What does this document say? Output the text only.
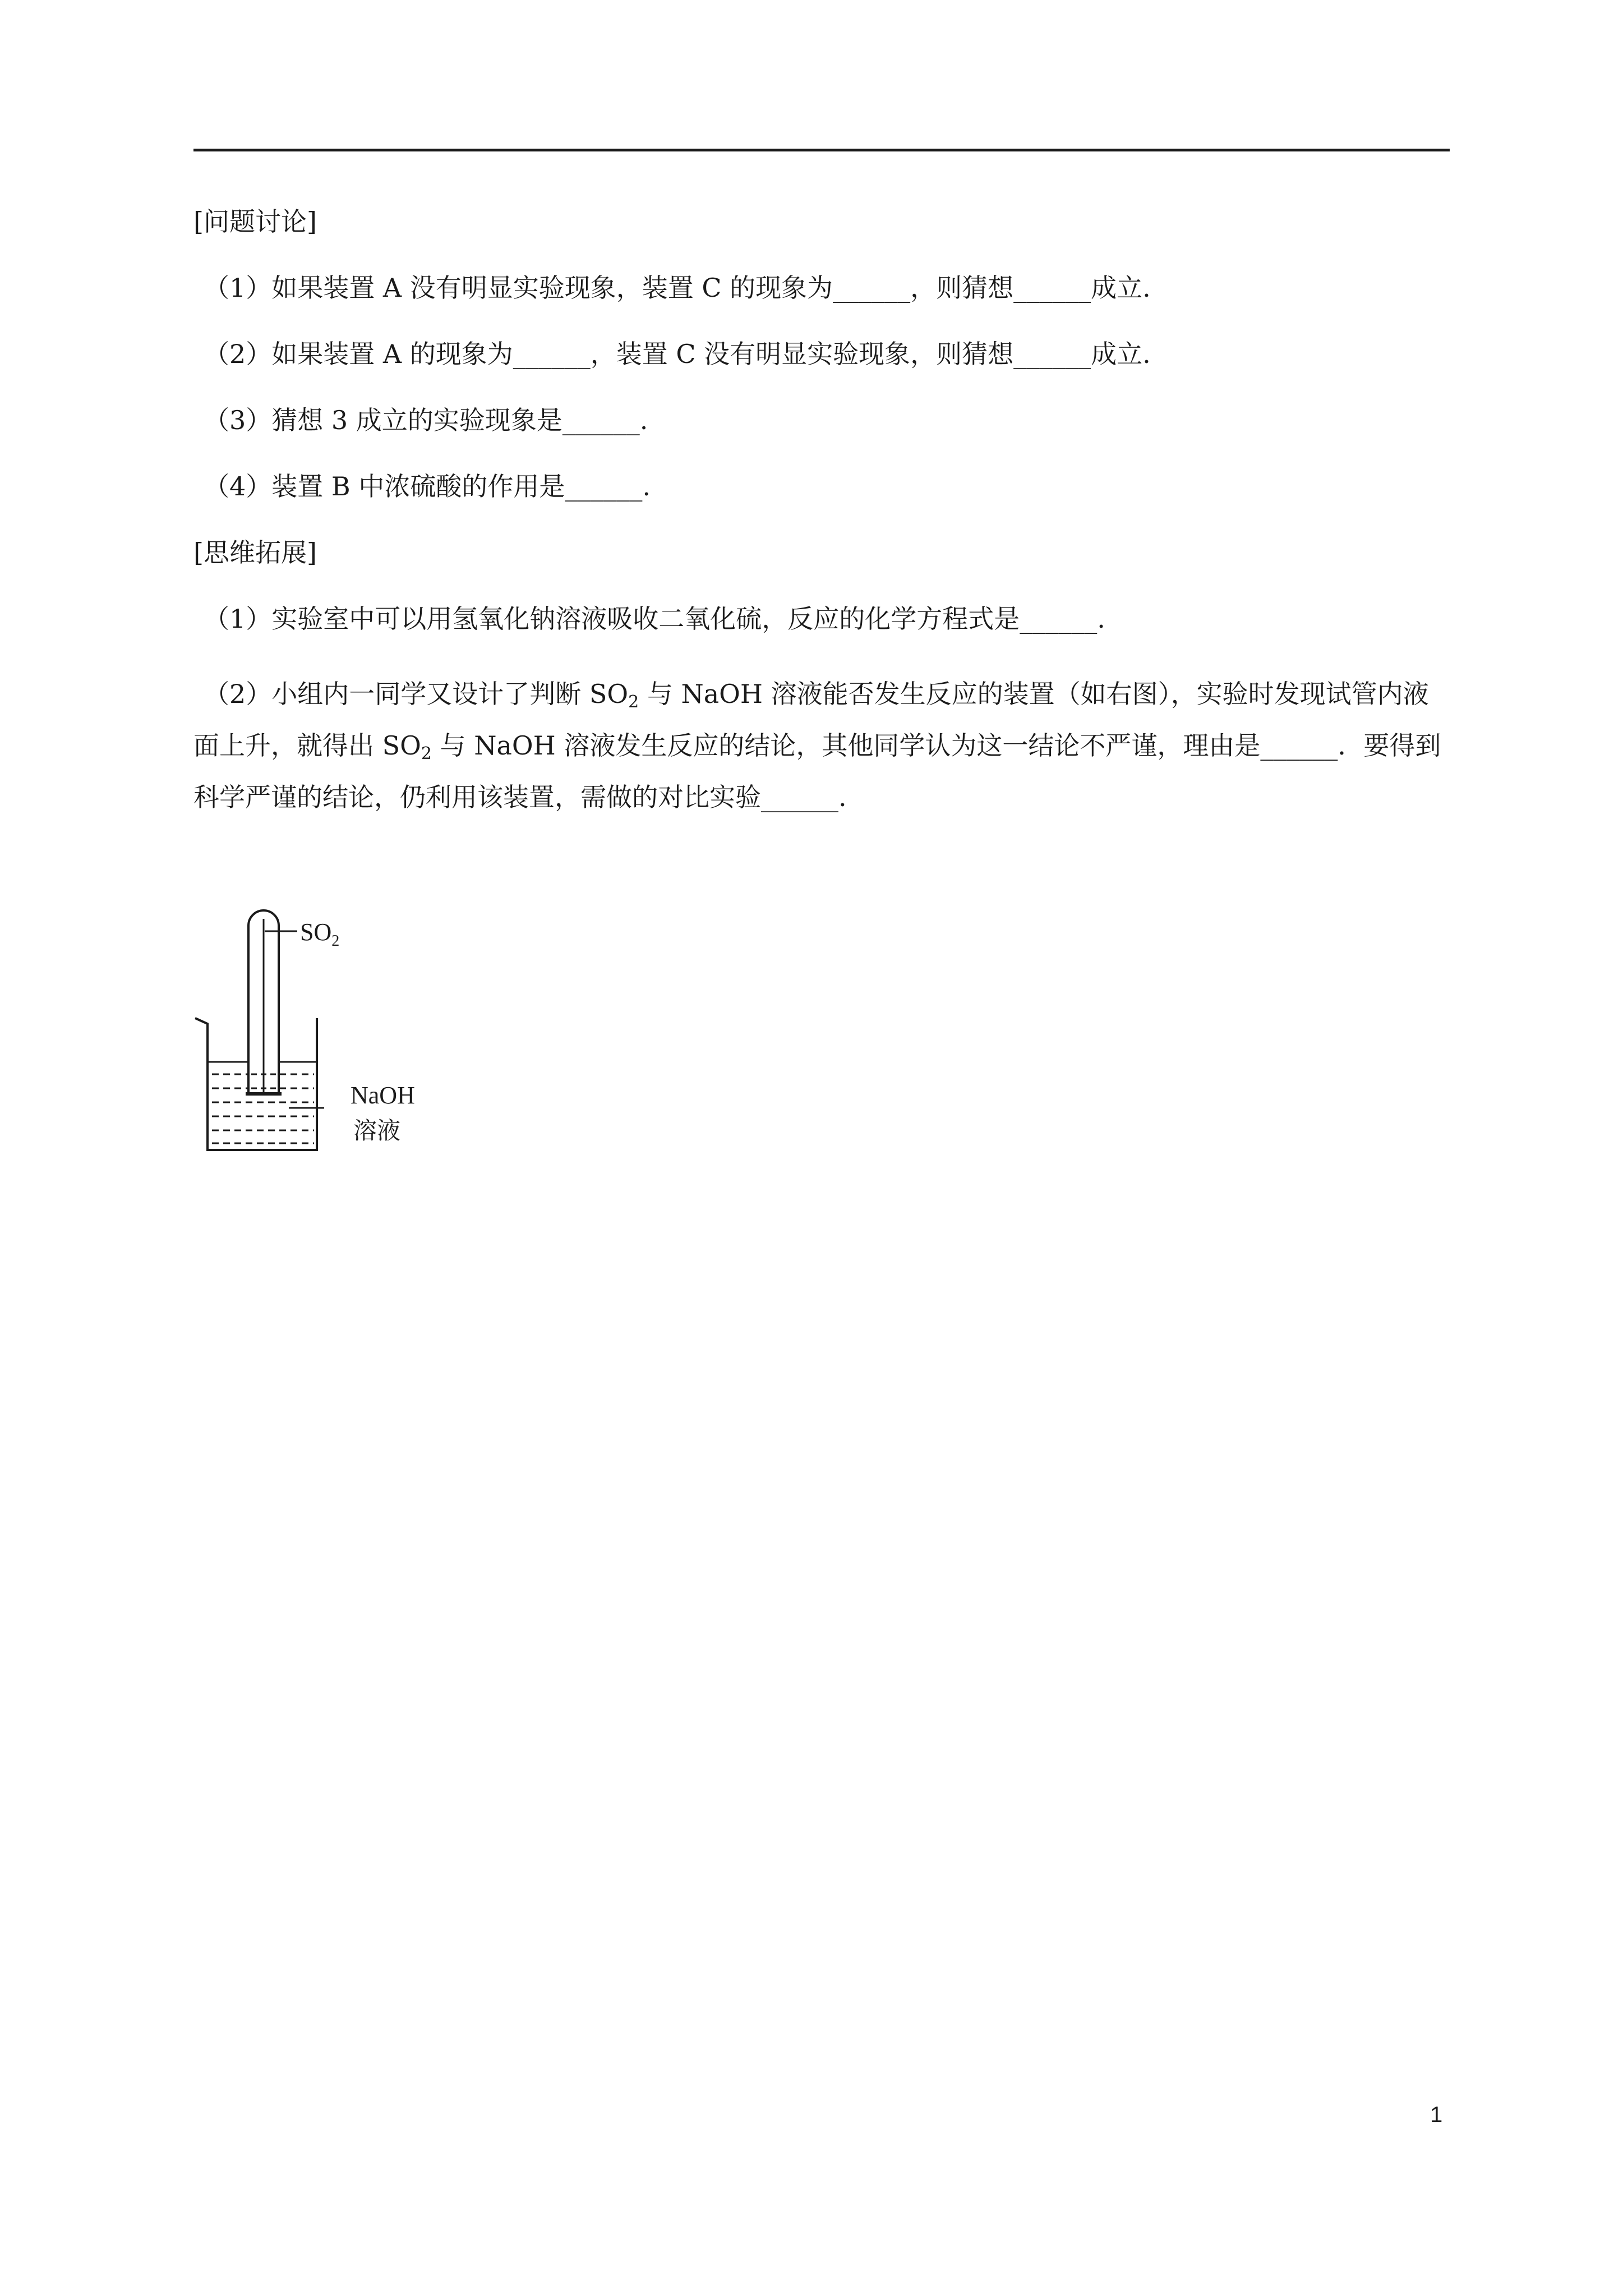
[问题讨论]
（1）如果装置 A 没有明显实验现象，装置 C 的现象为______，则猜想______成立.
（2）如果装置 A 的现象为______，装置 C 没有明显实验现象，则猜想______成立.
（3）猜想 3 成立的实验现象是______.
（4）装置 B 中浓硫酸的作用是______.
[思维拓展]
（1）实验室中可以用氢氧化钠溶液吸收二氧化硫，反应的化学方程式是______.
（2）小组内一同学又设计了判断 $SO_2$ 与 NaOH 溶液能否发生反应的装置（如右图），实验时发现试管内液面上升，就得出 $SO_2$ 与 NaOH 溶液发生反应的结论，其他同学认为这一结论不严谨，理由是______．要得到科学严谨的结论，仍利用该装置，需做的对比实验______.
$SO_2$
NaOH
溶液
1
